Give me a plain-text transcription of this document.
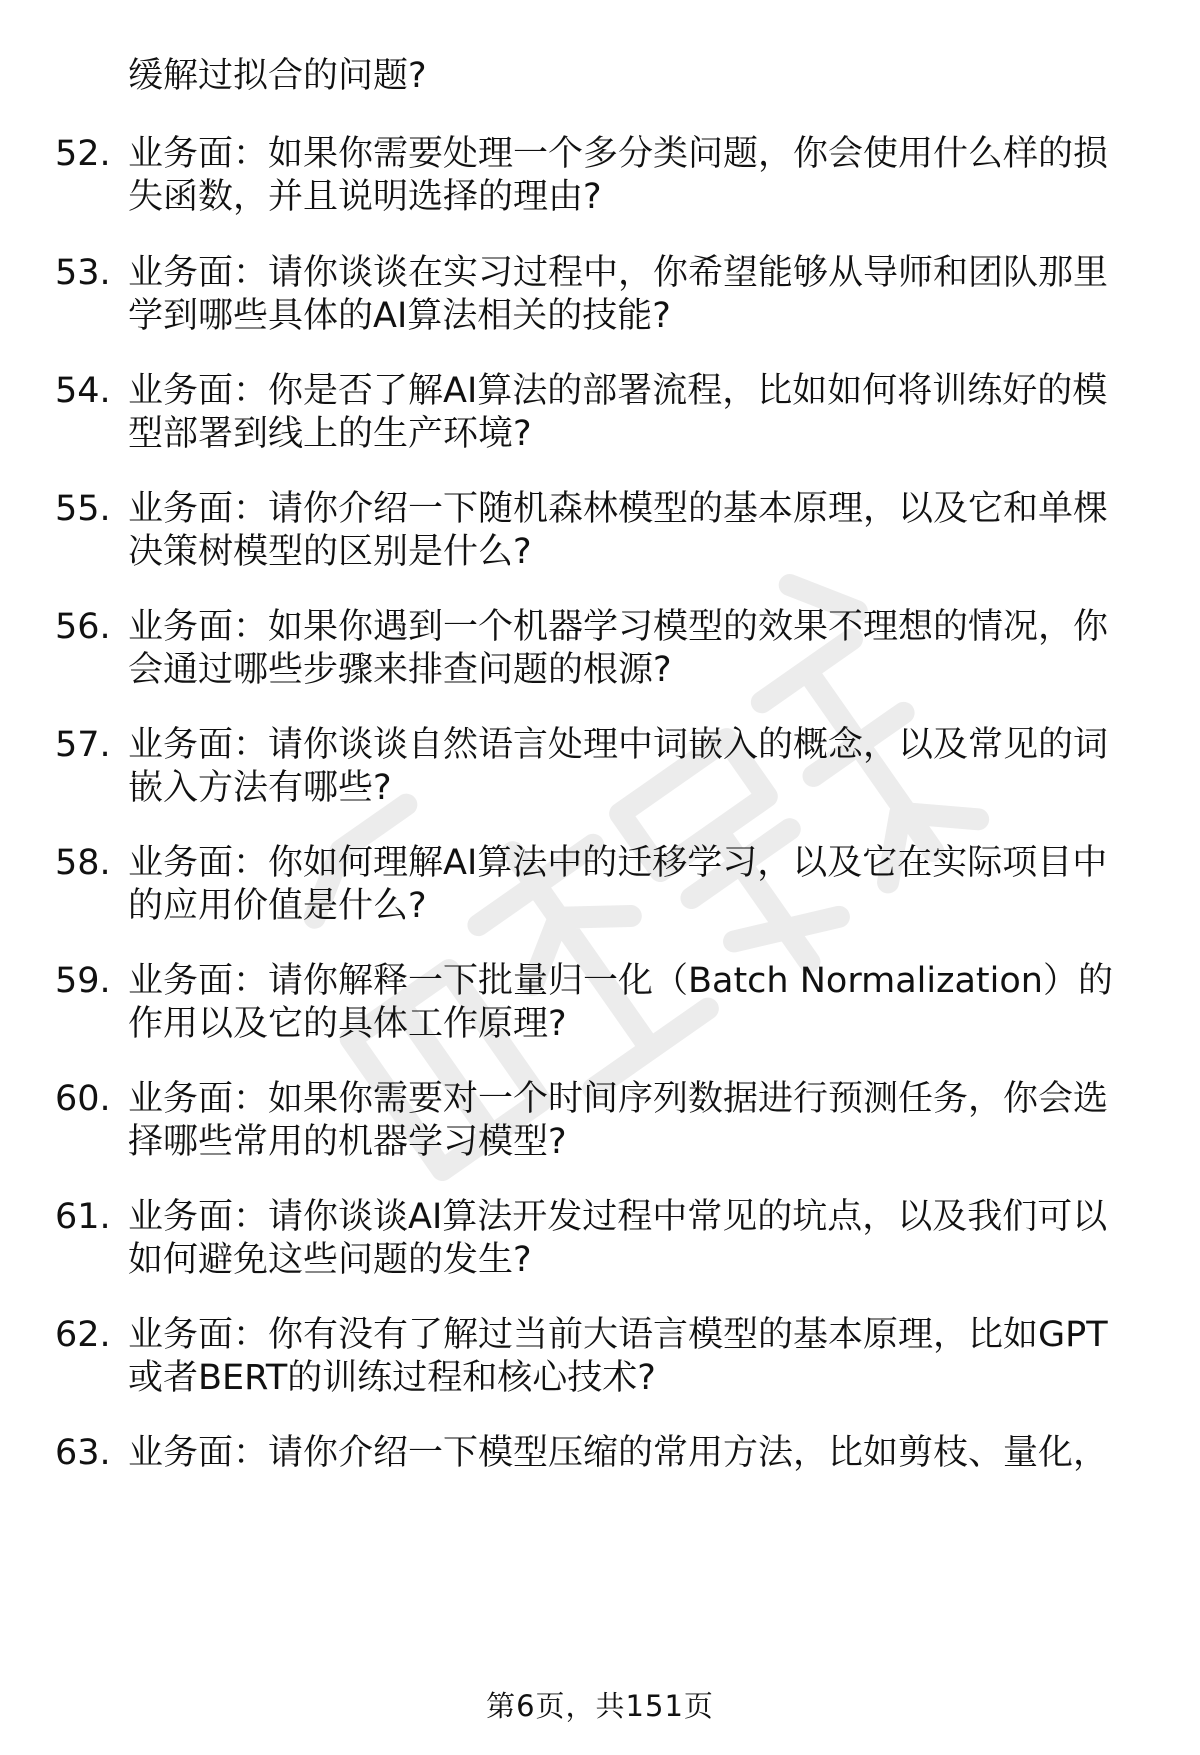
缓解过拟合的问题?
52. 业务面：如果你需要处理一个多分类问题，你会使用什么样的损
失函数，并且说明选择的理由?
53. 业务面：请你谈谈在实习过程中，你希望能够从导师和团队那里
学到哪些具体的AI算法相关的技能?
54. 业务面：你是否了解AI算法的部署流程，比如如何将训练好的模
型部署到线上的生产环境?
55. 业务面：请你介绍一下随机森林模型的基本原理，以及它和单棵
决策树模型的区别是什么?
56. 业务面：如果你遇到一个机器学习模型的效果不理想的情况，你
会通过哪些步骤来排查问题的根源?
57. 业务面：请你谈谈自然语言处理中词嵌入的概念，以及常见的词
嵌入方法有哪些?
58. 业务面：你如何理解AI算法中的迁移学习，以及它在实际项目中
的应用价值是什么?
59. 业务面：请你解释一下批量归一化（Batch Normalization）的
作用以及它的具体工作原理?
60. 业务面：如果你需要对一个时间序列数据进行预测任务，你会选
择哪些常用的机器学习模型?
61. 业务面：请你谈谈AI算法开发过程中常见的坑点，以及我们可以
如何避免这些问题的发生?
62. 业务面：你有没有了解过当前大语言模型的基本原理，比如GPT
或者BERT的训练过程和核心技术?
63. 业务面：请你介绍一下模型压缩的常用方法，比如剪枝、量化，
第6页，共151页
